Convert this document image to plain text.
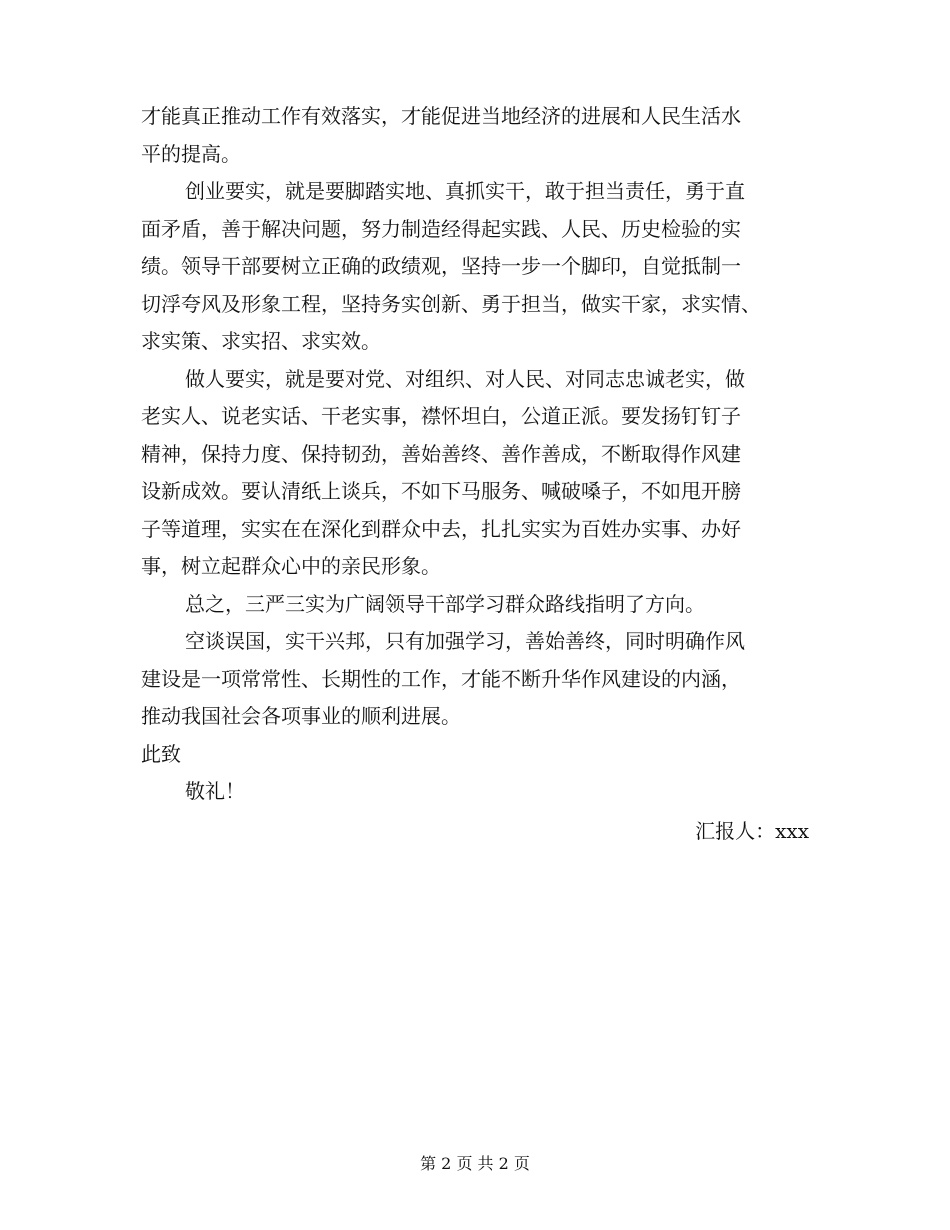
才能真正推动工作有效落实，才能促进当地经济的进展和人民生活水
平的提高。
创业要实，就是要脚踏实地、真抓实干，敢于担当责任，勇于直
面矛盾，善于解决问题，努力制造经得起实践、人民、历史检验的实
绩。领导干部要树立正确的政绩观，坚持一步一个脚印，自觉抵制一
切浮夸风及形象工程，坚持务实创新、勇于担当，做实干家，求实情、
求实策、求实招、求实效。
做人要实，就是要对党、对组织、对人民、对同志忠诚老实，做
老实人、说老实话、干老实事，襟怀坦白，公道正派。要发扬钉钉子
精神，保持力度、保持韧劲，善始善终、善作善成，不断取得作风建
设新成效。要认清纸上谈兵，不如下马服务、喊破嗓子，不如甩开膀
子等道理，实实在在深化到群众中去，扎扎实实为百姓办实事、办好
事，树立起群众心中的亲民形象。
总之，三严三实为广阔领导干部学习群众路线指明了方向。
空谈误国，实干兴邦，只有加强学习，善始善终，同时明确作风
建设是一项常常性、长期性的工作，才能不断升华作风建设的内涵，
推动我国社会各项事业的顺利进展。
此致
敬礼！
汇报人：xxx
第 2 页 共 2 页
